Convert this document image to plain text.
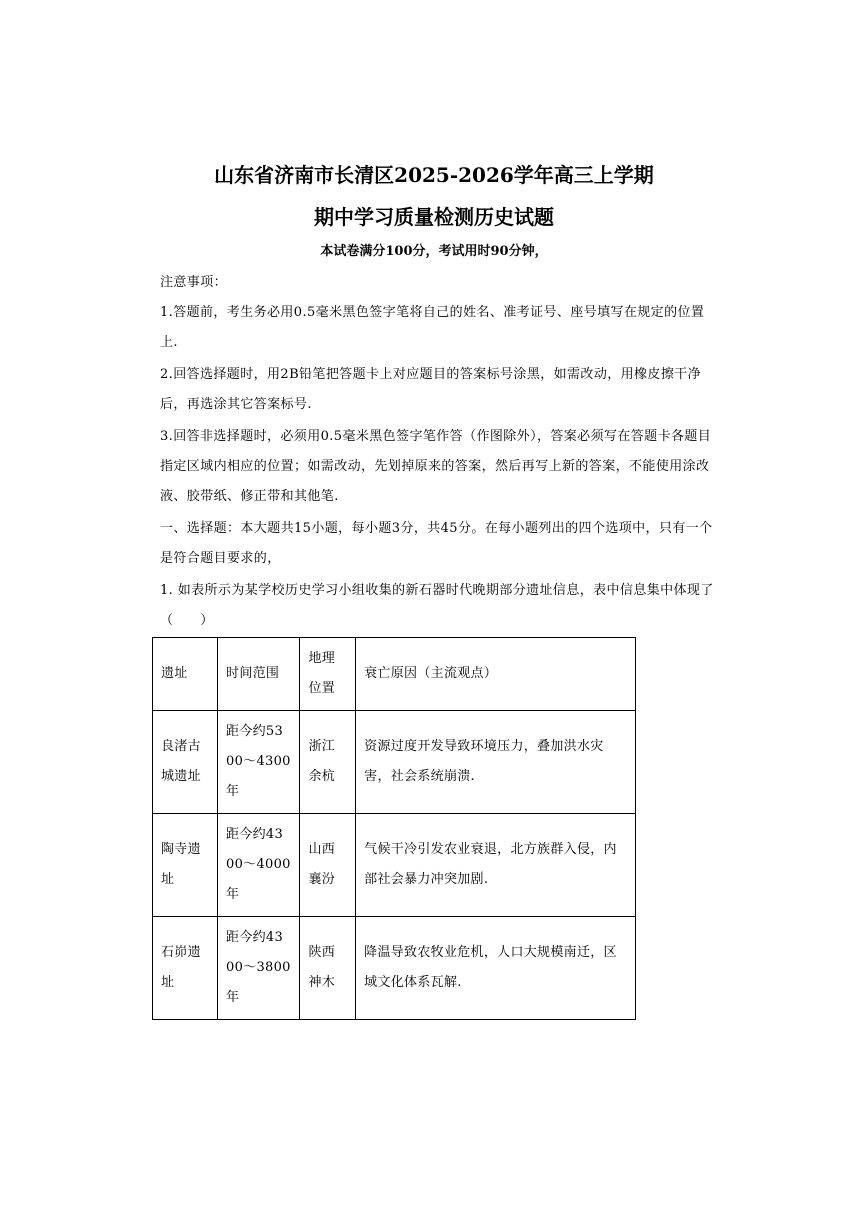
山东省济南市长清区2025-2026学年高三上学期
期中学习质量检测历史试题
本试卷满分100分，考试用时90分钟，
注意事项：
1.答题前，考生务必用0.5毫米黑色签字笔将自己的姓名、准考证号、座号填写在规定的位置上.
2.回答选择题时，用2B铅笔把答题卡上对应题目的答案标号涂黑，如需改动，用橡皮擦干净后，再选涂其它答案标号.
3.回答非选择题时，必须用0.5毫米黑色签字笔作答（作图除外），答案必须写在答题卡各题目指定区域内相应的位置；如需改动，先划掉原来的答案，然后再写上新的答案，不能使用涂改液、胶带纸、修正带和其他笔.
一、选择题：本大题共15小题，每小题3分，共45分。在每小题列出的四个选项中，只有一个是符合题目要求的，
1. 如表所示为某学校历史学习小组收集的新石器时代晚期部分遗址信息，表中信息集中体现了（　　）
遗址	时间范围	地理位置	衰亡原因（主流观点）
良渚古城遗址	距今约5300～4300年	浙江余杭	资源过度开发导致环境压力，叠加洪水灾害，社会系统崩溃.
陶寺遗址	距今约4300～4000年	山西襄汾	气候干冷引发农业衰退，北方族群入侵，内部社会暴力冲突加剧.
石峁遗址	距今约4300～3800年	陕西神木	降温导致农牧业危机，人口大规模南迁，区域文化体系瓦解.
